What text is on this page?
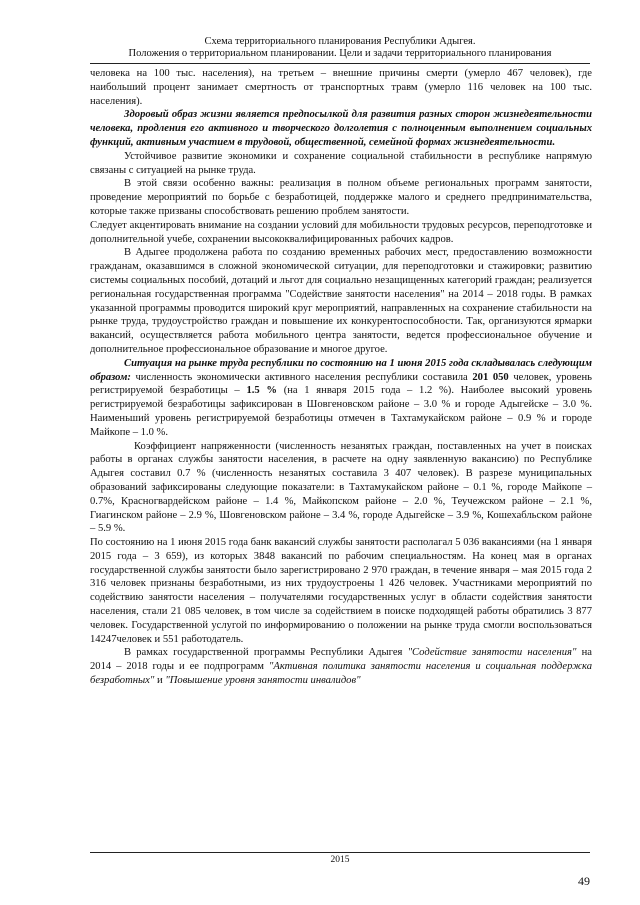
Схема территориального планирования Республики Адыгея.
Положения о территориальном планировании. Цели и задачи территориального планирования

человека на 100 тыс. населения), на третьем – внешние причины смерти (умерло 467 человек), где наибольший процент занимает смертность от транспортных травм (умерло 116 человек на 100 тыс. населения).

Здоровый образ жизни является предпосылкой для развития разных сторон жизнедеятельности человека, продления его активного и творческого долголетия с полноценным выполнением социальных функций, активным участием в трудовой, общественной, семейной формах жизнедеятельности.

Устойчивое развитие экономики и сохранение социальной стабильности в республике напрямую связаны с ситуацией на рынке труда.

В этой связи особенно важны: реализация в полном объеме региональных программ занятости, проведение мероприятий по борьбе с безработицей, поддержке малого и среднего предпринимательства, которые также призваны способствовать решению проблем занятости.

Следует акцентировать внимание на создании условий для мобильности трудовых ресурсов, переподготовке и дополнительной учебе, сохранении высококвалифицированных рабочих кадров.

В Адыгее продолжена работа по созданию временных рабочих мест, предоставлению возможности гражданам, оказавшимся в сложной экономической ситуации, для переподготовки и стажировки; развитию системы социальных пособий, дотаций и льгот для социально незащищенных категорий граждан; реализуется региональная государственная программа "Содействие занятости населения" на 2014 – 2018 годы. В рамках указанной программы проводится широкий круг мероприятий, направленных на сохранение стабильности на рынке труда, трудоустройство граждан и повышение их конкурентоспособности. Так, организуются ярмарки вакансий, осуществляется работа мобильного центра занятости, ведется профессиональное обучение и дополнительное профессиональное образование и многое другое.

Ситуация на рынке труда республики по состоянию на 1 июня 2015 года складывалась следующим образом: численность экономически активного населения республики составила 201 050 человек, уровень регистрируемой безработицы – 1.5 % (на 1 января 2015 года – 1.2 %). Наиболее высокий уровень регистрируемой безработицы зафиксирован в Шовгеновском районе – 3.0 % и городе Адыгейске – 3.0 %. Наименьший уровень регистрируемой безработицы отмечен в Тахтамукайском районе – 0.9 % и городе Майкопе – 1.0 %.

Коэффициент напряженности (численность незанятых граждан, поставленных на учет в поисках работы в органах службы занятости населения, в расчете на одну заявленную вакансию) по Республике Адыгея составил 0.7 % (численность незанятых составила 3 407 человек). В разрезе муниципальных образований зафиксированы следующие показатели: в Тахтамукайском районе – 0.1 %, городе Майкопе – 0.7%, Красногвардейском районе – 1.4 %, Майкопском районе – 2.0 %, Теучежском районе – 2.1 %, Гиагинском районе – 2.9 %, Шовгеновском районе – 3.4 %, городе Адыгейске – 3.9 %, Кошехабльском районе – 5.9 %.

По состоянию на 1 июня 2015 года банк вакансий службы занятости располагал 5 036 вакансиями (на 1 января 2015 года – 3 659), из которых 3848 вакансий по рабочим специальностям. На конец мая в органах государственной службы занятости было зарегистрировано 2 970 граждан, в течение января – мая 2015 года 2 316 человек признаны безработными, из них трудоустроены 1 426 человек. Участниками мероприятий по содействию занятости населения – получателями государственных услуг в области содействия занятости населения, стали 21 085 человек, в том числе за содействием в поиске подходящей работы обратились 3 877 человек. Государственной услугой по информированию о положении на рынке труда смогли воспользоваться 14247человек и 551 работодатель.

В рамках государственной программы Республики Адыгея "Содействие занятости населения" на 2014 – 2018 годы и ее подпрограмм "Активная политика занятости населения и социальная поддержка безработных" и "Повышение уровня занятости инвалидов"

2015
49
